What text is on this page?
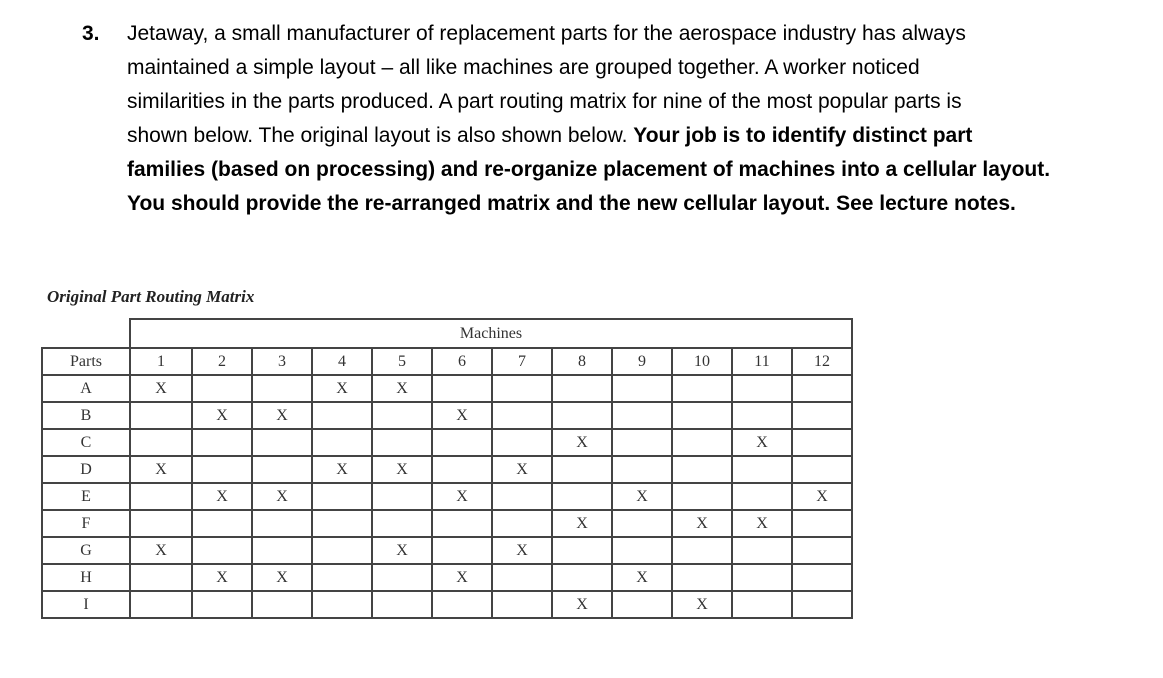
3. Jetaway, a small manufacturer of replacement parts for the aerospace industry has always
maintained a simple layout – all like machines are grouped together. A worker noticed
similarities in the parts produced. A part routing matrix for nine of the most popular parts is
shown below. The original layout is also shown below. Your job is to identify distinct part
families (based on processing) and re-organize placement of machines into a cellular layout.
You should provide the re-arranged matrix and the new cellular layout. See lecture notes.
Original Part Routing Matrix
	Machines											
Parts	1	2	3	4	5	6	7	8	9	10	11	12
A	X			X	X							
B		X	X			X						
C								X			X	
D	X			X	X		X					
E		X	X			X			X			X
F								X		X	X	
G	X				X		X					
H		X	X			X			X			
I								X		X		
